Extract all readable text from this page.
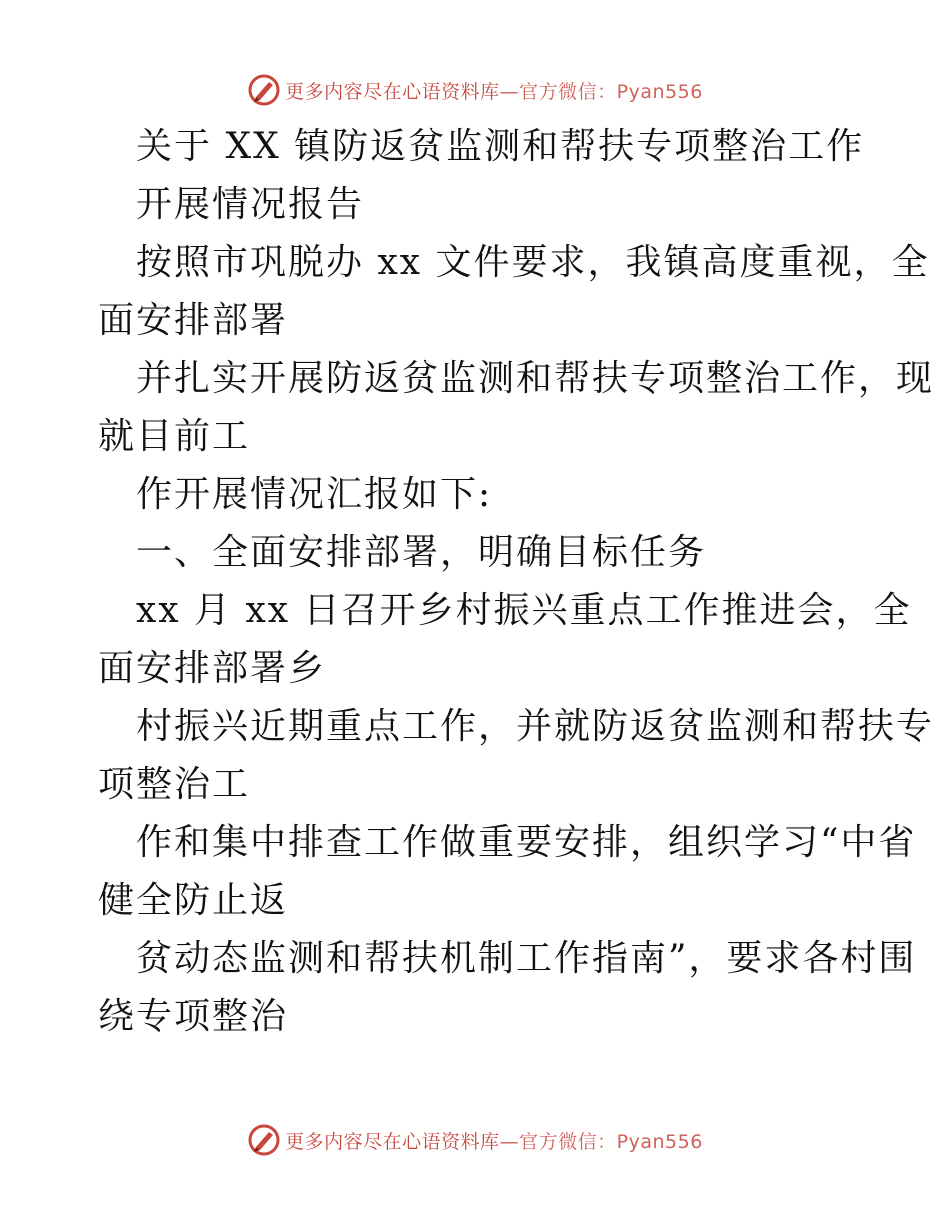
更多内容尽在心语资料库 —官方微信：Pyan556
关于 XX 镇防返贫监测和帮扶专项整治工作
开展情况报告
按照市巩脱办 xx 文件要求，我镇高度重视，全
面安排部署
并扎实开展防返贫监测和帮扶专项整治工作，现
就目前工
作开展情况汇报如下:
一、全面安排部署，明确目标任务
xx 月 xx 日召开乡村振兴重点工作推进会，全
面安排部署乡
村振兴近期重点工作，并就防返贫监测和帮扶专
项整治工
作和集中排查工作做重要安排，组织学习“中省
健全防止返
贫动态监测和帮扶机制工作指南”，要求各村围
绕专项整治
更多内容尽在心语资料库 —官方微信：Pyan556
